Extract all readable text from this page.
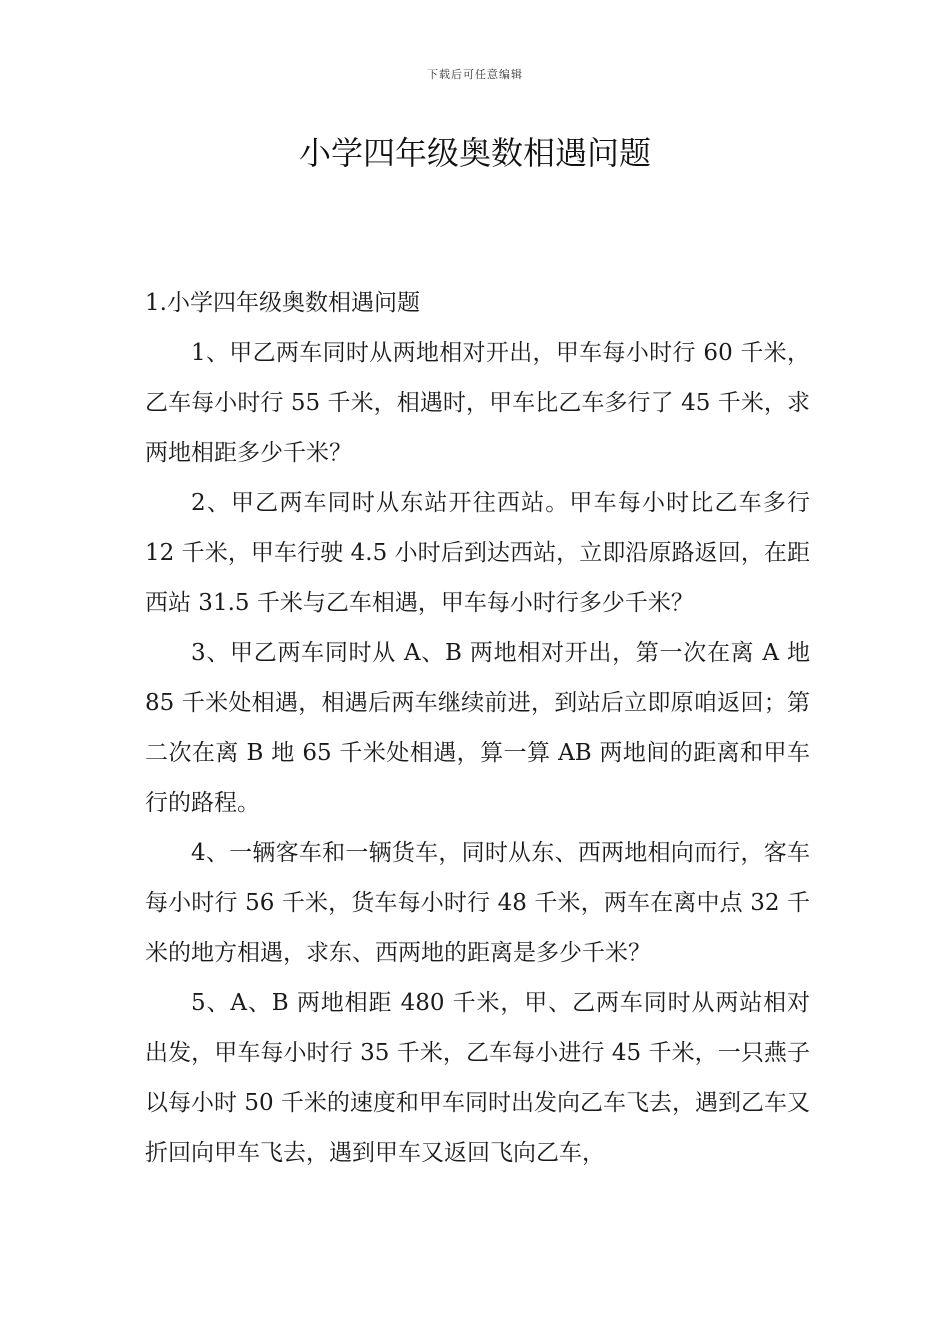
下载后可任意编辑
小学四年级奥数相遇问题

1.小学四年级奥数相遇问题

1、甲乙两车同时从两地相对开出，甲车每小时行 60 千米，乙车每小时行 55 千米，相遇时，甲车比乙车多行了 45 千米，求两地相距多少千米？

2、甲乙两车同时从东站开往西站。甲车每小时比乙车多行 12 千米，甲车行驶 4.5 小时后到达西站，立即沿原路返回，在距西站 31.5 千米与乙车相遇，甲车每小时行多少千米？

3、甲乙两车同时从 A、B 两地相对开出，第一次在离 A 地 85 千米处相遇，相遇后两车继续前进，到站后立即原咱返回；第二次在离 B 地 65 千米处相遇，算一算 AB 两地间的距离和甲车行的路程。

4、一辆客车和一辆货车，同时从东、西两地相向而行，客车每小时行 56 千米，货车每小时行 48 千米，两车在离中点 32 千米的地方相遇，求东、西两地的距离是多少千米？

5、A、B 两地相距 480 千米，甲、乙两车同时从两站相对出发，甲车每小时行 35 千米，乙车每小进行 45 千米，一只燕子以每小时 50 千米的速度和甲车同时出发向乙车飞去，遇到乙车又折回向甲车飞去，遇到甲车又返回飞向乙车，
